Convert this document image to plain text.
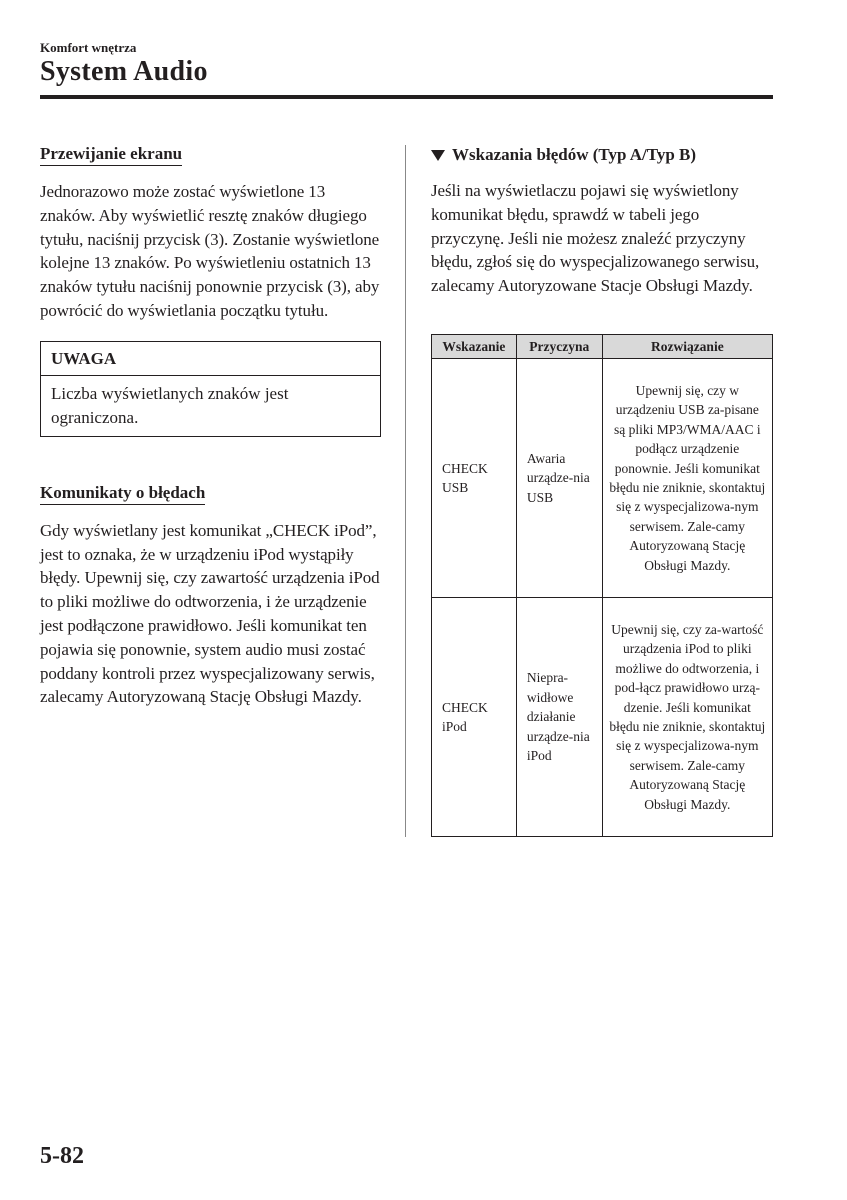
Komfort wnętrza
System Audio
Przewijanie ekranu

Jednorazowo może zostać wyświetlone 13 znaków. Aby wyświetlić resztę znaków długiego tytułu, naciśnij przycisk (3). Zostanie wyświetlone kolejne 13 znaków. Po wyświetleniu ostatnich 13 znaków tytułu naciśnij ponownie przycisk (3), aby powrócić do wyświetlania początku tytułu.

UWAGA
Liczba wyświetlanych znaków jest ograniczona.
Komunikaty o błędach

Gdy wyświetlany jest komunikat „CHECK iPod”, jest to oznaka, że w urządzeniu iPod wystąpiły błędy. Upewnij się, czy zawartość urządzenia iPod to pliki możliwe do odtworzenia, i że urządzenie jest podłączone prawidłowo. Jeśli komunikat ten pojawia się ponownie, system audio musi zostać poddany kontroli przez wyspecjalizowany serwis, zalecamy Autoryzowaną Stację Obsługi Mazdy.

Wskazania błędów (Typ A/Typ B)

Jeśli na wyświetlaczu pojawi się wyświetlony komunikat błędu, sprawdź w tabeli jego przyczynę. Jeśli nie możesz znaleźć przyczyny błędu, zgłoś się do wyspecjalizowanego serwisu, zalecamy Autoryzowane Stacje Obsługi Mazdy.

Wskazanie	Przyczyna	Rozwiązanie
CHECK USB	Awaria urządze-nia USB	Upewnij się, czy w urządzeniu USB za-pisane są pliki MP3/WMA/AAC i podłącz urządzenie ponownie. Jeśli komunikat błędu nie zniknie, skontaktuj się z wyspecjalizowa-nym serwisem. Zale-camy Autoryzowaną Stację Obsługi Mazdy.
CHECK iPod	Niepra-widłowe działanie urządze-nia iPod	Upewnij się, czy za-wartość urządzenia iPod to pliki możliwe do odtworzenia, i pod-łącz prawidłowo urzą-dzenie. Jeśli komunikat błędu nie zniknie, skontaktuj się z wyspecjalizowa-nym serwisem. Zale-camy Autoryzowaną Stację Obsługi Mazdy.
5-82
